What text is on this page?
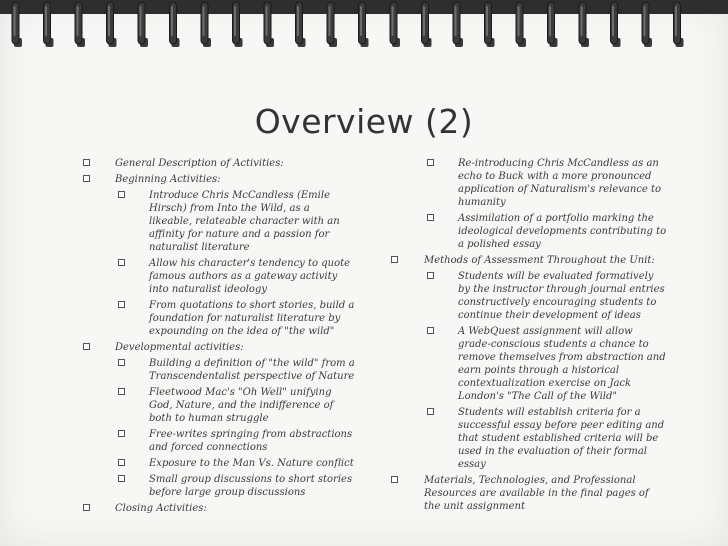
Overview (2)
General Description of Activities:
Beginning Activities:
Introduce Chris McCandless (Emile Hirsch) from Into the Wild, as a likeable, relateable character with an affinity for nature and a passion for naturalist literature
Allow his character's tendency to quote famous authors as a gateway activity into naturalist ideology
From quotations to short stories, build a foundation for naturalist literature by expounding on the idea of "the wild"
Developmental activities:
Building a definition of "the wild" from a Transcendentalist perspective of Nature
Fleetwood Mac's "Oh Well" unifying God, Nature, and the indifference of both to human struggle
Free-writes springing from abstractions and forced connections
Exposure to the Man Vs. Nature conflict
Small group discussions to short stories before large group discussions
Closing Activities:
Re-introducing Chris McCandless as an echo to Buck with a more pronounced application of Naturalism's relevance to humanity
Assimilation of a portfolio marking the ideological developments contributing to a polished essay
Methods of Assessment Throughout the Unit:
Students will be evaluated formatively by the instructor through journal entries constructively encouraging students to continue their development of ideas
A WebQuest assignment will allow grade-conscious students a chance to remove themselves from abstraction and earn points through a historical contextualization exercise on Jack London's "The Call of the Wild"
Students will establish criteria for a successful essay before peer editing and that student established criteria will be used in the evaluation of their formal essay
Materials, Technologies, and Professional Resources are available in the final pages of the unit assignment
